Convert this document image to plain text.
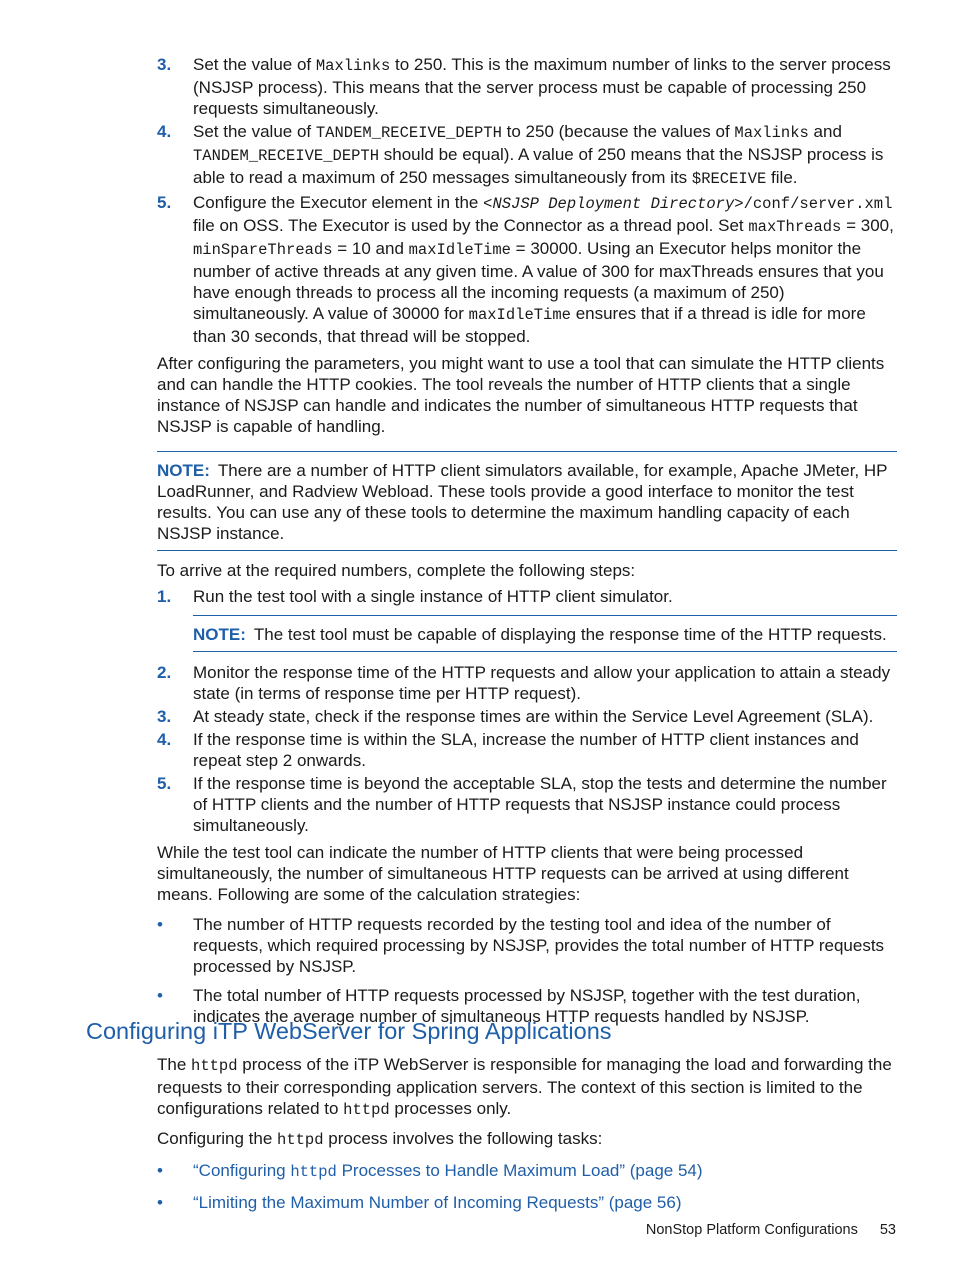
3. Set the value of Maxlinks to 250. This is the maximum number of links to the server process (NSJSP process). This means that the server process must be capable of processing 250 requests simultaneously.
4. Set the value of TANDEM_RECEIVE_DEPTH to 250 (because the values of Maxlinks and TANDEM_RECEIVE_DEPTH should be equal). A value of 250 means that the NSJSP process is able to read a maximum of 250 messages simultaneously from its $RECEIVE file.
5. Configure the Executor element in the <NSJSP Deployment Directory>/conf/server.xml file on OSS. The Executor is used by the Connector as a thread pool. Set maxThreads = 300, minSpareThreads = 10 and maxIdleTime = 30000. Using an Executor helps monitor the number of active threads at any given time. A value of 300 for maxThreads ensures that you have enough threads to process all the incoming requests (a maximum of 250) simultaneously. A value of 30000 for maxIdleTime ensures that if a thread is idle for more than 30 seconds, that thread will be stopped.

After configuring the parameters, you might want to use a tool that can simulate the HTTP clients and can handle the HTTP cookies. The tool reveals the number of HTTP clients that a single instance of NSJSP can handle and indicates the number of simultaneous HTTP requests that NSJSP is capable of handling.

NOTE: There are a number of HTTP client simulators available, for example, Apache JMeter, HP LoadRunner, and Radview Webload. These tools provide a good interface to monitor the test results. You can use any of these tools to determine the maximum handling capacity of each NSJSP instance.

To arrive at the required numbers, complete the following steps:

1. Run the test tool with a single instance of HTTP client simulator.
NOTE: The test tool must be capable of displaying the response time of the HTTP requests.
2. Monitor the response time of the HTTP requests and allow your application to attain a steady state (in terms of response time per HTTP request).
3. At steady state, check if the response times are within the Service Level Agreement (SLA).
4. If the response time is within the SLA, increase the number of HTTP client instances and repeat step 2 onwards.
5. If the response time is beyond the acceptable SLA, stop the tests and determine the number of HTTP clients and the number of HTTP requests that NSJSP instance could process simultaneously.

While the test tool can indicate the number of HTTP clients that were being processed simultaneously, the number of simultaneous HTTP requests can be arrived at using different means. Following are some of the calculation strategies:

• The number of HTTP requests recorded by the testing tool and idea of the number of requests, which required processing by NSJSP, provides the total number of HTTP requests processed by NSJSP.
• The total number of HTTP requests processed by NSJSP, together with the test duration, indicates the average number of simultaneous HTTP requests handled by NSJSP.
Configuring iTP WebServer for Spring Applications

The httpd process of the iTP WebServer is responsible for managing the load and forwarding the requests to their corresponding application servers. The context of this section is limited to the configurations related to httpd processes only.

Configuring the httpd process involves the following tasks:

• “Configuring httpd Processes to Handle Maximum Load” (page 54)
• “Limiting the Maximum Number of Incoming Requests” (page 56)
NonStop Platform Configurations 53
